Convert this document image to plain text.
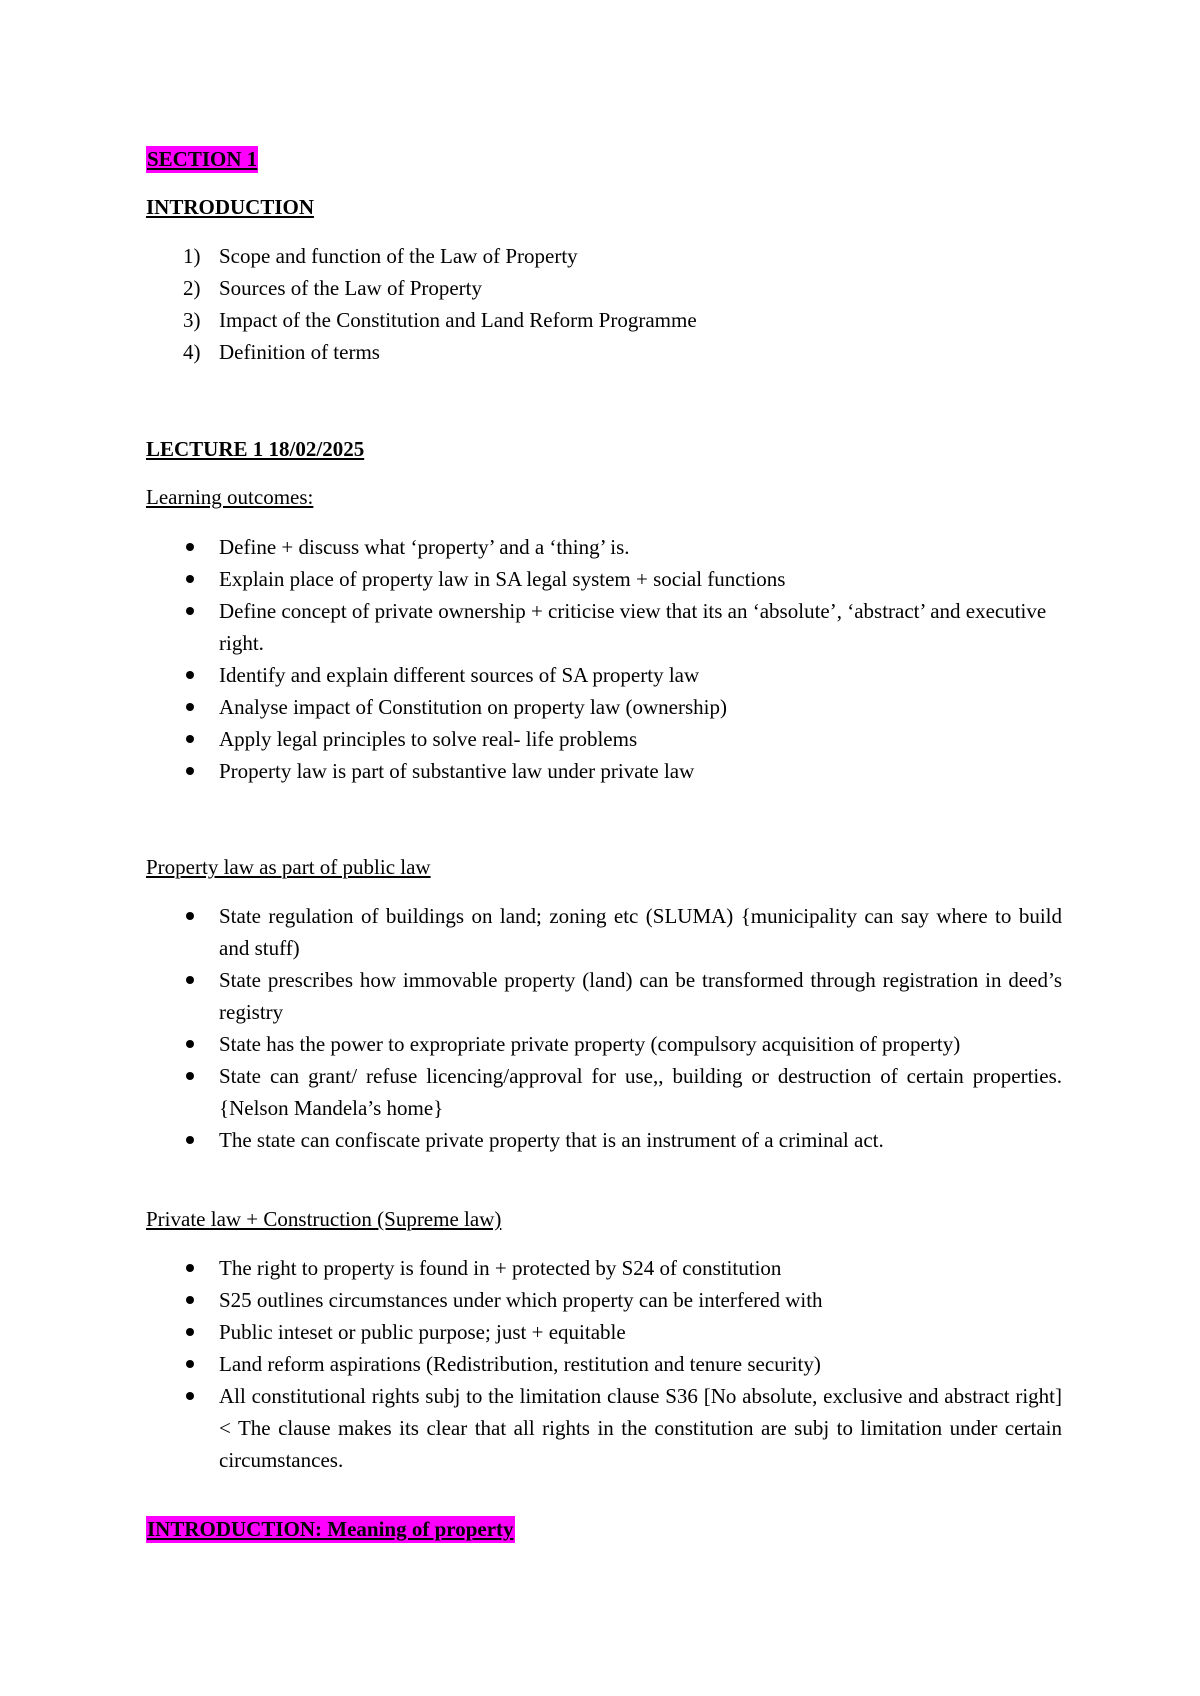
SECTION 1
INTRODUCTION
1) Scope and function of the Law of Property
2) Sources of the Law of Property
3) Impact of the Constitution and Land Reform Programme
4) Definition of terms
LECTURE 1 18/02/2025
Learning outcomes:
Define + discuss what ‘property’ and a ‘thing’ is.
Explain place of property law in SA legal system + social functions
Define concept of private ownership + criticise view that its an ‘absolute’, ‘abstract’ and executive right.
Identify and explain different sources of SA property law
Analyse impact of Constitution on property law (ownership)
Apply legal principles to solve real- life problems
Property law is part of substantive law under private law
Property law as part of public law
State regulation of buildings on land; zoning etc (SLUMA) {municipality can say where to build and stuff)
State prescribes how immovable property (land) can be transformed through registration in deed’s registry
State has the power to expropriate private property (compulsory acquisition of property)
State can grant/ refuse licencing/approval for use,, building or destruction of certain properties. {Nelson Mandela’s home}
The state can confiscate private property that is an instrument of a criminal act.
Private law + Construction (Supreme law)
The right to property is found in + protected by S24 of constitution
S25 outlines circumstances under which property can be interfered with
Public inteset or public purpose; just + equitable
Land reform aspirations (Redistribution, restitution and tenure security)
All constitutional rights subj to the limitation clause S36 [No absolute, exclusive and abstract right] < The clause makes its clear that all rights in the constitution are subj to limitation under certain circumstances.
INTRODUCTION: Meaning of property
